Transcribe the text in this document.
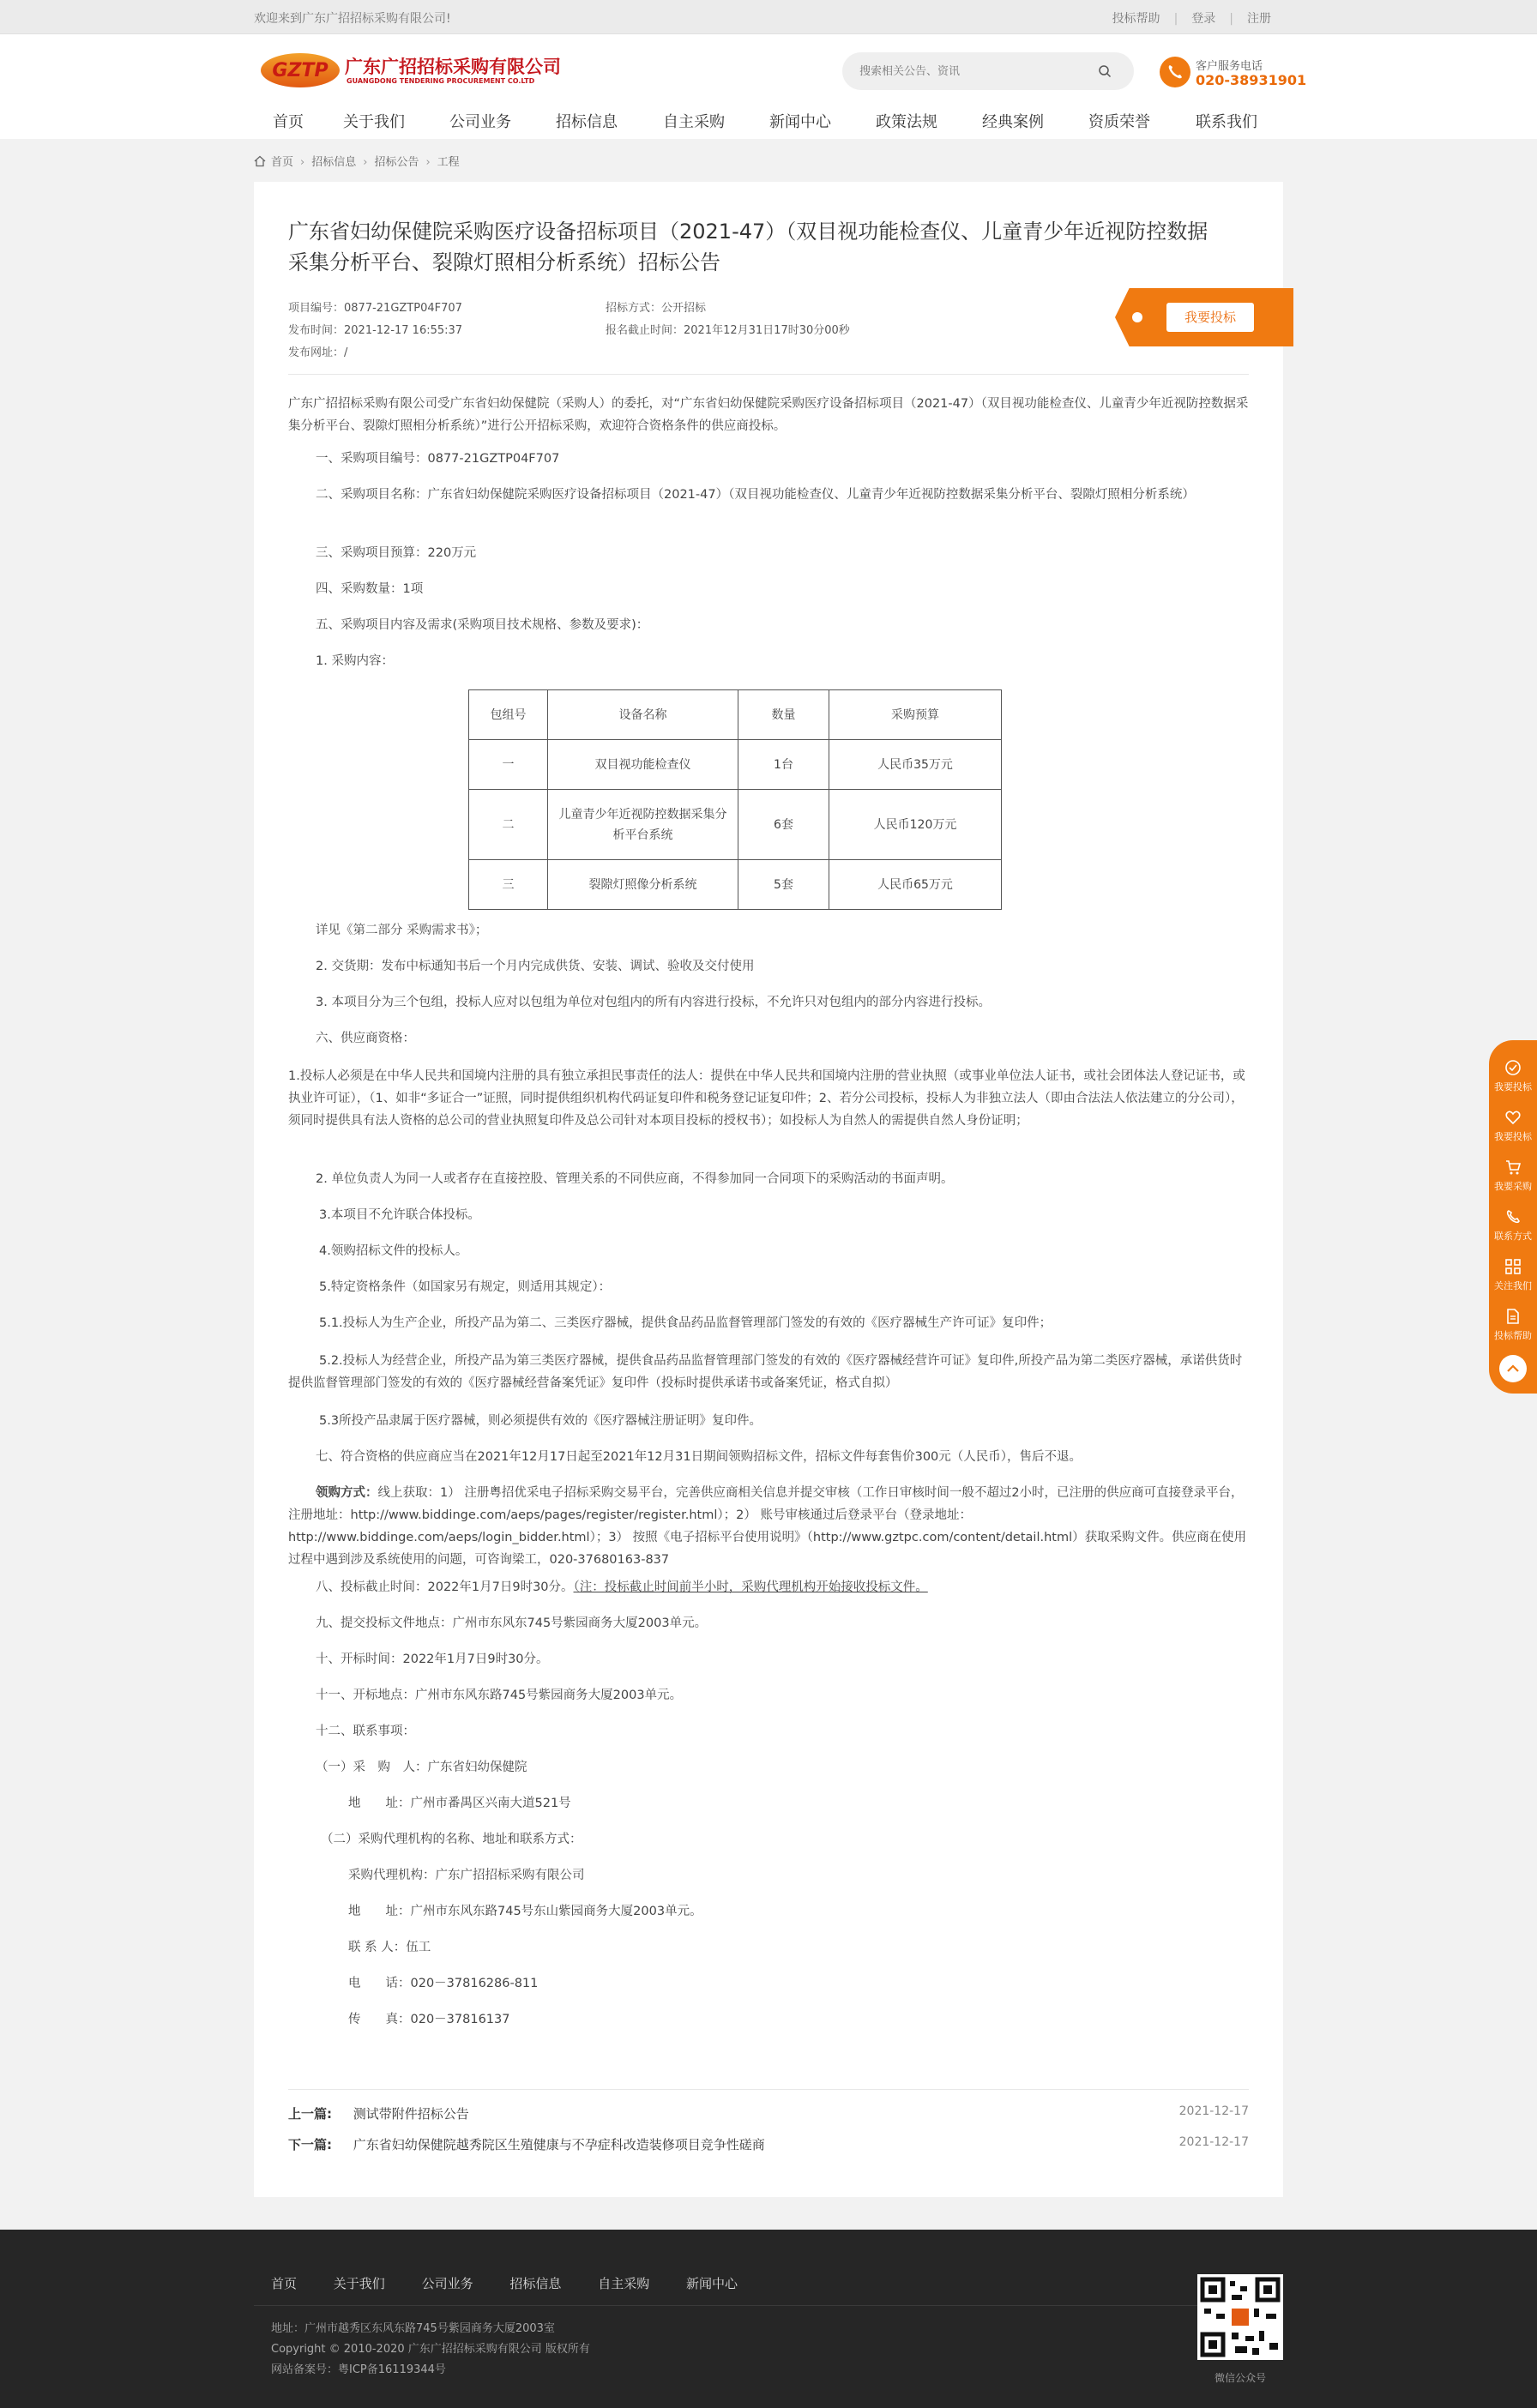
欢迎来到广东广招招标采购有限公司!	投标帮助 | 登录 | 注册
GZTP 广东广招招标采购有限公司
GUANGDONG TENDERING PROCUREMENT CO.LTD
搜索相关公告、资讯
客户服务电话
020-38931901
首页	关于我们	公司业务	招标信息	自主采购	新闻中心	政策法规	经典案例	资质荣誉	联系我们
首页 › 招标信息 › 招标公告 › 工程
广东省妇幼保健院采购医疗设备招标项目（2021-47）（双目视功能检查仪、儿童青少年近视防控数据采集分析平台、裂隙灯照相分析系统）招标公告
项目编号：0877-21GZTP04F707	招标方式：公开招标
发布时间：2021-12-17 16:55:37	报名截止时间：2021年12月31日17时30分00秒
发布网址：/
我要投标
广东广招招标采购有限公司受广东省妇幼保健院（采购人）的委托，对“广东省妇幼保健院采购医疗设备招标项目（2021-47）（双目视功能检查仪、儿童青少年近视防控数据采集分析平台、裂隙灯照相分析系统）”进行公开招标采购，欢迎符合资格条件的供应商投标。
一、采购项目编号：0877-21GZTP04F707
二、采购项目名称：广东省妇幼保健院采购医疗设备招标项目（2021-47）（双目视功能检查仪、儿童青少年近视防控数据采集分析平台、裂隙灯照相分析系统）
三、采购项目预算：220万元
四、采购数量：1项
五、采购项目内容及需求(采购项目技术规格、参数及要求)：
1. 采购内容：
包组号	设备名称	数量	采购预算
一	双目视功能检查仪	1台	人民币35万元
二	儿童青少年近视防控数据采集分析平台系统	6套	人民币120万元
三	裂隙灯照像分析系统	5套	人民币65万元
详见《第二部分 采购需求书》；
2. 交货期：发布中标通知书后一个月内完成供货、安装、调试、验收及交付使用
3. 本项目分为三个包组，投标人应对以包组为单位对包组内的所有内容进行投标，不允许只对包组内的部分内容进行投标。
六、供应商资格：
1.投标人必须是在中华人民共和国境内注册的具有独立承担民事责任的法人：提供在中华人民共和国境内注册的营业执照（或事业单位法人证书，或社会团体法人登记证书，或执业许可证），（1、如非“多证合一”证照，同时提供组织机构代码证复印件和税务登记证复印件；2、若分公司投标，投标人为非独立法人（即由合法法人依法建立的分公司），须同时提供具有法人资格的总公司的营业执照复印件及总公司针对本项目投标的授权书）；如投标人为自然人的需提供自然人身份证明；
2. 单位负责人为同一人或者存在直接控股、管理关系的不同供应商，不得参加同一合同项下的采购活动的书面声明。
3.本项目不允许联合体投标。
4.领购招标文件的投标人。
5.特定资格条件（如国家另有规定，则适用其规定）：
5.1.投标人为生产企业，所投产品为第二、三类医疗器械，提供食品药品监督管理部门签发的有效的《医疗器械生产许可证》复印件；
5.2.投标人为经营企业，所投产品为第三类医疗器械，提供食品药品监督管理部门签发的有效的《医疗器械经营许可证》复印件,所投产品为第二类医疗器械，承诺供货时提供监督管理部门签发的有效的《医疗器械经营备案凭证》复印件（投标时提供承诺书或备案凭证，格式自拟）
5.3所投产品隶属于医疗器械，则必须提供有效的《医疗器械注册证明》复印件。
七、符合资格的供应商应当在2021年12月17日起至2021年12月31日期间领购招标文件，招标文件每套售价300元（人民币），售后不退。
领购方式：线上获取：1） 注册粤招优采电子招标采购交易平台，完善供应商相关信息并提交审核（工作日审核时间一般不超过2小时，已注册的供应商可直接登录平台，注册地址：http://www.biddinge.com/aeps/pages/register/register.html）；2） 账号审核通过后登录平台（登录地址：http://www.biddinge.com/aeps/login_bidder.html）；3） 按照《电子招标平台使用说明》（http://www.gztpc.com/content/detail.html）获取采购文件。供应商在使用过程中遇到涉及系统使用的问题，可咨询梁工，020-37680163-837
八、投标截止时间：2022年1月7日9时30分。（注：投标截止时间前半小时，采购代理机构开始接收投标文件。
九、提交投标文件地点：广州市东风东745号紫园商务大厦2003单元。
十、开标时间：2022年1月7日9时30分。
十一、开标地点：广州市东风东路745号紫园商务大厦2003单元。
十二、联系事项：
（一）采　购　人：广东省妇幼保健院
地　　址：广州市番禺区兴南大道521号
（二）采购代理机构的名称、地址和联系方式：
采购代理机构：广东广招招标采购有限公司
地　　址：广州市东风东路745号东山紫园商务大厦2003单元。
联 系 人：伍工
电　　话：020－37816286-811
传　　真：020－37816137
上一篇: 测试带附件招标公告	2021-12-17
下一篇: 广东省妇幼保健院越秀院区生殖健康与不孕症科改造装修项目竞争性磋商	2021-12-17
我要投标
我要投标
我要采购
联系方式
关注我们
投标帮助
首页	关于我们	公司业务	招标信息	自主采购	新闻中心
地址：广州市越秀区东风东路745号紫园商务大厦2003室
Copyright © 2010-2020 广东广招招标采购有限公司 版权所有
网站备案号：粤ICP备16119344号
微信公众号
